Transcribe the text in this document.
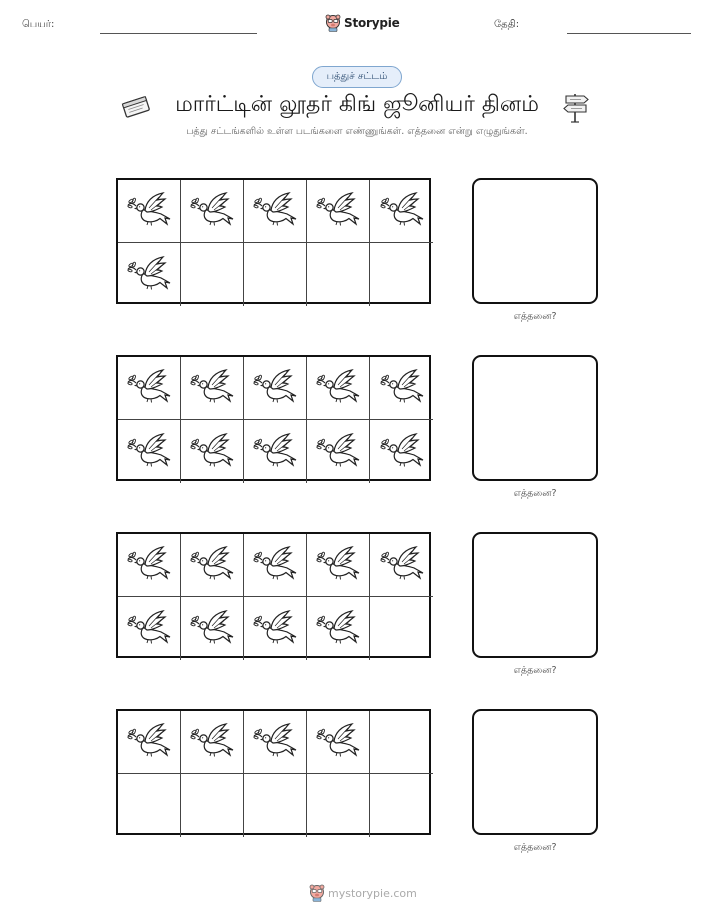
பெயர்:	Storypie	தேதி:
பத்துச் சட்டம்
மார்ட்டின் லூதர் கிங் ஜூனியர் தினம்
பத்து சட்டங்களில் உள்ள படங்களை எண்ணுங்கள். எத்தனை என்று எழுதுங்கள்.
எத்தனை?
எத்தனை?
எத்தனை?
எத்தனை?
mystorypie.com
